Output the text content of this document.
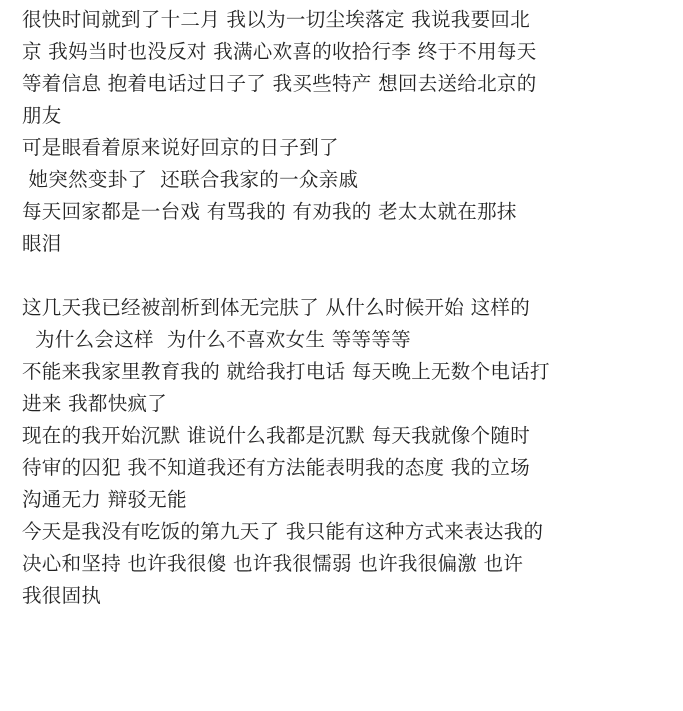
很快时间就到了十二月 我以为一切尘埃落定 我说我要回北
京 我妈当时也没反对 我满心欢喜的收拾行李 终于不用每天
等着信息 抱着电话过日子了 我买些特产 想回去送给北京的
朋友
可是眼看着原来说好回京的日子到了
她突然变卦了  还联合我家的一众亲戚
每天回家都是一台戏 有骂我的 有劝我的 老太太就在那抹
眼泪
这几天我已经被剖析到体无完肤了 从什么时候开始 这样的
为什么会这样  为什么不喜欢女生 等等等等
不能来我家里教育我的 就给我打电话 每天晚上无数个电话打
进来 我都快疯了
现在的我开始沉默 谁说什么我都是沉默 每天我就像个随时
待审的囚犯 我不知道我还有方法能表明我的态度 我的立场
沟通无力 辩驳无能
今天是我没有吃饭的第九天了 我只能有这种方式来表达我的
决心和坚持 也许我很傻 也许我很懦弱 也许我很偏激 也许
我很固执
